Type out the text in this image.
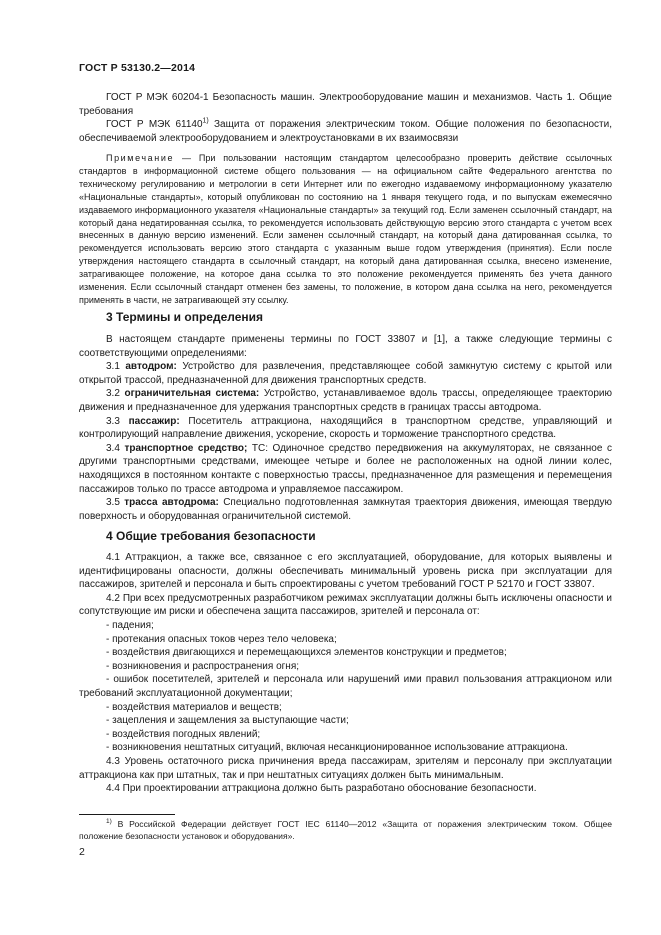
ГОСТ Р 53130.2—2014

ГОСТ Р МЭК 60204-1 Безопасность машин. Электрооборудование машин и механизмов. Часть 1. Общие требования

ГОСТ Р МЭК 61140$^{1)}$ Защита от поражения электрическим током. Общие положения по безопасности, обеспечиваемой электрооборудованием и электроустановками в их взаимосвязи

Примечание — При пользовании настоящим стандартом целесообразно проверить действие ссылочных стандартов в информационной системе общего пользования — на официальном сайте Федерального агентства по техническому регулированию и метрологии в сети Интернет или по ежегодно издаваемому информационному указателю «Национальные стандарты», который опубликован по состоянию на 1 января текущего года, и по выпускам ежемесячно издаваемого информационного указателя «Национальные стандарты» за текущий год. Если заменен ссылочный стандарт, на который дана недатированная ссылка, то рекомендуется использовать действующую версию этого стандарта с учетом всех внесенных в данную версию изменений. Если заменен ссылочный стандарт, на который дана датированная ссылка, то рекомендуется использовать версию этого стандарта с указанным выше годом утверждения (принятия). Если после утверждения настоящего стандарта в ссылочный стандарт, на который дана датированная ссылка, внесено изменение, затрагивающее положение, на которое дана ссылка то это положение рекомендуется применять без учета данного изменения. Если ссылочный стандарт отменен без замены, то положение, в котором дана ссылка на него, рекомендуется применять в части, не затрагивающей эту ссылку.

3 Термины и определения

В настоящем стандарте применены термины по ГОСТ 33807 и [1], а также следующие термины с соответствующими определениями:

3.1 автодром: Устройство для развлечения, представляющее собой замкнутую систему с крытой или открытой трассой, предназначенной для движения транспортных средств.

3.2 ограничительная система: Устройство, устанавливаемое вдоль трассы, определяющее траекторию движения и предназначенное для удержания транспортных средств в границах трассы автодрома.

3.3 пассажир: Посетитель аттракциона, находящийся в транспортном средстве, управляющий и контролирующий направление движения, ускорение, скорость и торможение транспортного средства.

3.4 транспортное средство; ТС: Одиночное средство передвижения на аккумуляторах, не связанное с другими транспортными средствами, имеющее четыре и более не расположенных на одной линии колес, находящихся в постоянном контакте с поверхностью трассы, предназначенное для размещения и перемещения пассажиров только по трассе автодрома и управляемое пассажиром.

3.5 трасса автодрома: Специально подготовленная замкнутая траектория движения, имеющая твердую поверхность и оборудованная ограничительной системой.

4 Общие требования безопасности

4.1 Аттракцион, а также все, связанное с его эксплуатацией, оборудование, для которых выявлены и идентифицированы опасности, должны обеспечивать минимальный уровень риска при эксплуатации для пассажиров, зрителей и персонала и быть спроектированы с учетом требований ГОСТ Р 52170 и ГОСТ 33807.

4.2 При всех предусмотренных разработчиком режимах эксплуатации должны быть исключены опасности и сопутствующие им риски и обеспечена защита пассажиров, зрителей и персонала от:

- падения;

- протекания опасных токов через тело человека;

- воздействия двигающихся и перемещающихся элементов конструкции и предметов;

- возникновения и распространения огня;

- ошибок посетителей, зрителей и персонала или нарушений ими правил пользования аттракционом или требований эксплуатационной документации;

- воздействия материалов и веществ;

- зацепления и защемления за выступающие части;

- воздействия погодных явлений;

- возникновения нештатных ситуаций, включая несанкционированное использование аттракциона.

4.3 Уровень остаточного риска причинения вреда пассажирам, зрителям и персоналу при эксплуатации аттракциона как при штатных, так и при нештатных ситуациях должен быть минимальным.

4.4 При проектировании аттракциона должно быть разработано обоснование безопасности.

$^{1)}$ В Российской Федерации действует ГОСТ IEC 61140—2012 «Защита от поражения электрическим током. Общее положение безопасности установок и оборудования».

2
